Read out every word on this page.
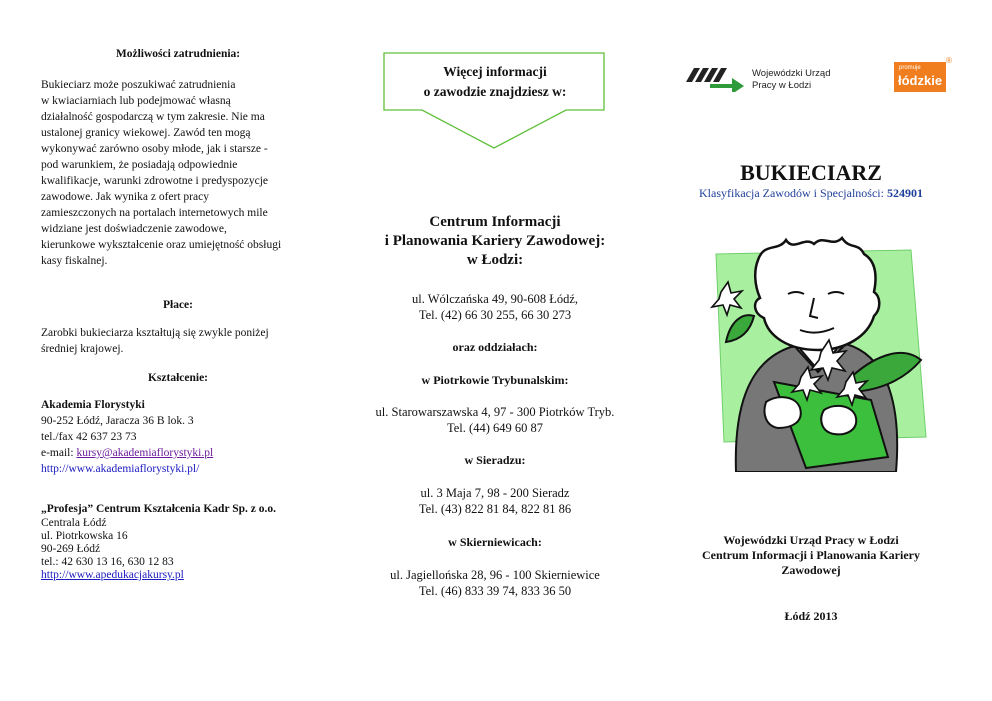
Możliwości zatrudnienia:
Bukieciarz może poszukiwać zatrudnienia
w kwiaciarniach lub podejmować własną
działalność gospodarczą w tym zakresie. Nie ma
ustalonej granicy wiekowej. Zawód ten mogą
wykonywać zarówno osoby młode, jak i starsze -
pod warunkiem, że posiadają odpowiednie
kwalifikacje, warunki zdrowotne i predyspozycje
zawodowe. Jak wynika z ofert pracy
zamieszczonych na portalach internetowych mile
widziane jest doświadczenie zawodowe,
kierunkowe wykształcenie oraz umiejętność obsługi
kasy fiskalnej.
Płace:
Zarobki bukieciarza kształtują się zwykle poniżej
średniej krajowej.
Kształcenie:
Akademia Florystyki
90-252 Łódź, Jaracza 36 B lok. 3
tel./fax 42 637 23 73
e-mail: kursy@akademiaflorystyki.pl
http://www.akademiaflorystyki.pl/
„Profesja” Centrum Kształcenia Kadr Sp. z o.o.
Centrala Łódź
ul. Piotrkowska 16
90-269 Łódź
tel.: 42 630 13 16, 630 12 83
http://www.apedukacjakursy.pl
Więcej informacji
o zawodzie znajdziesz w:
Centrum Informacji
i Planowania Kariery Zawodowej:
w Łodzi:
ul. Wólczańska 49, 90-608 Łódź,
Tel. (42) 66 30 255, 66 30 273
oraz oddziałach:
w Piotrkowie Trybunalskim:
ul. Starowarszawska 4, 97 - 300 Piotrków Tryb.
Tel. (44) 649 60 87
w Sieradzu:
ul. 3 Maja 7, 98 - 200 Sieradz
Tel. (43) 822 81 84, 822 81 86
w Skierniewicach:
ul. Jagiellońska 28, 96 - 100 Skierniewice
Tel. (46) 833 39 74, 833 36 50
Wojewódzki Urząd
Pracy w Łodzi
promuje
łódzkie
®
BUKIECIARZ
Klasyfikacja Zawodów i Specjalności: 524901
Wojewódzki Urząd Pracy w Łodzi
Centrum Informacji i Planowania Kariery
Zawodowej
Łódź 2013
